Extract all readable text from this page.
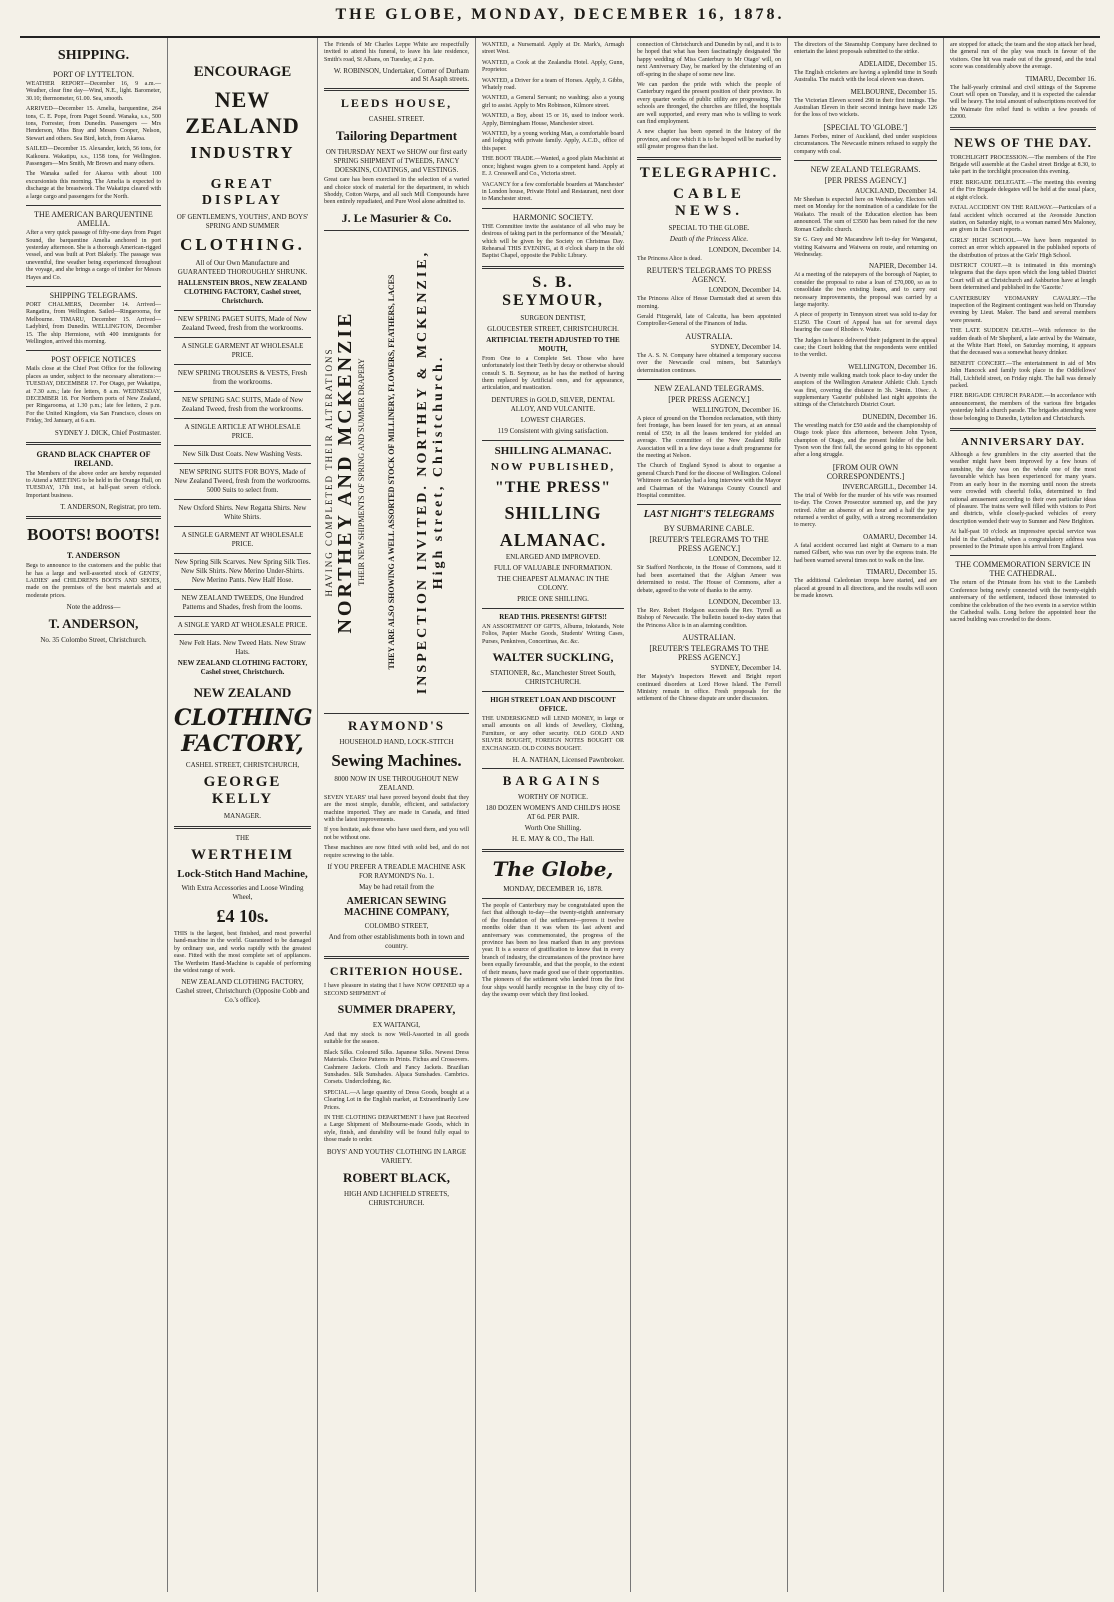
THE GLOBE, MONDAY, DECEMBER 16, 1878.
SHIPPING.
PORT OF LYTTELTON.

WEATHER REPORT—December 16, 9 a.m.—Weather, clear fine day—Wind, N.E., light. Barometer, 30.10; thermometer, 61.00. Sea, smooth.

ARRIVED—December 15. Amelia, barquentine, 264 tons, C. E. Pope, from Puget Sound. Wanaka, s.s., 500 tons, Forrester, from Dunedin. Passengers — Mrs Henderson, Miss Bray and Messrs Cooper, Nelson, Stewart and others. Sea Bird, ketch, from Akaroa.

SAILED—December 15. Alexander, ketch, 56 tons, for Kaikoura. Wakatipu, s.s., 1158 tons, for Wellington. Passengers—Mrs Smith, Mr Brown and many others.

The Wanaka sailed for Akaroa with about 100 excursionists this morning. The Amelia is expected to discharge at the breastwork. The Wakatipu cleared with a large cargo and passengers for the North.

THE AMERICAN BARQUENTINE AMELIA.

After a very quick passage of fifty-one days from Puget Sound, the barquentine Amelia anchored in port yesterday afternoon. She is a thorough American-rigged vessel, and was built at Port Blakely. The passage was uneventful, fine weather being experienced throughout the voyage, and she brings a cargo of timber for Messrs Hayes and Co.

SHIPPING TELEGRAMS.

PORT CHALMERS, December 14. Arrived—Rangatira, from Wellington. Sailed—Ringarooma, for Melbourne. TIMARU, December 15. Arrived—Ladybird, from Dunedin. WELLINGTON, December 15. The ship Hermione, with 400 immigrants for Wellington, arrived this morning.

POST OFFICE NOTICES

Mails close at the Chief Post Office for the following places as under, subject to the necessary alterations:— TUESDAY, DECEMBER 17. For Otago, per Wakatipu, at 7.30 a.m.; late fee letters, 8 a.m. WEDNESDAY, DECEMBER 18. For Northern ports of New Zealand, per Ringarooma, at 1.30 p.m.; late fee letters, 2 p.m. For the United Kingdom, via San Francisco, closes on Friday, 3rd January, at 6 a.m.

SYDNEY J. DICK, Chief Postmaster.
GRAND BLACK CHAPTER OF IRELAND.

The Members of the above order are hereby requested to Attend a MEETING to be held in the Orange Hall, on TUESDAY, 17th inst., at half-past seven o'clock. Important business.

T. ANDERSON, Registrar, pro tem.
BOOTS! BOOTS!
T. ANDERSON

Begs to announce to the customers and the public that he has a large and well-assorted stock of GENTS', LADIES' and CHILDREN'S BOOTS AND SHOES, made on the premises of the best materials and at moderate prices.

Note the address—
T. ANDERSON,
No. 35 Colombo Street, Christchurch.
ENCOURAGE
NEW ZEALAND
INDUSTRY
GREAT DISPLAY
OF GENTLEMEN'S, YOUTHS', AND BOYS' SPRING AND SUMMER
CLOTHING.
All of Our Own Manufacture and GUARANTEED THOROUGHLY SHRUNK.
HALLENSTEIN BROS., NEW ZEALAND CLOTHING FACTORY, Cashel street, Christchurch.
NEW SPRING PAGET SUITS, Made of New Zealand Tweed, fresh from the workrooms.
A SINGLE GARMENT AT WHOLESALE PRICE.
NEW SPRING TROUSERS & VESTS, Fresh from the workrooms.
NEW SPRING SAC SUITS, Made of New Zealand Tweed, fresh from the workrooms.
A SINGLE ARTICLE AT WHOLESALE PRICE.
New Silk Dust Coats. New Washing Vests.
NEW SPRING SUITS FOR BOYS, Made of New Zealand Tweed, fresh from the workrooms. 5000 Suits to select from.
New Oxford Shirts. New Regatta Shirts. New White Shirts.
A SINGLE GARMENT AT WHOLESALE PRICE.
New Spring Silk Scarves. New Spring Silk Ties. New Silk Shirts. New Merino Under-Shirts. New Merino Pants. New Half Hose.
NEW ZEALAND TWEEDS, One Hundred Patterns and Shades, fresh from the looms.
A SINGLE YARD AT WHOLESALE PRICE.
New Felt Hats. New Tweed Hats. New Straw Hats.
NEW ZEALAND CLOTHING FACTORY, Cashel street, Christchurch.
NEW ZEALAND
CLOTHING FACTORY,
CASHEL STREET, CHRISTCHURCH,
GEORGE KELLY
MANAGER.
THE
WERTHEIM
Lock-Stitch Hand Machine,
With Extra Accessories and Loose Winding Wheel,
£4 10s.

THIS is the largest, best finished, and most powerful hand-machine in the world. Guaranteed to be damaged by ordinary use, and works rapidly with the greatest ease. Fitted with the most complete set of appliances. The Wertheim Hand-Machine is capable of performing the widest range of work.

NEW ZEALAND CLOTHING FACTORY, Cashel street, Christchurch (Opposite Cobb and Co.'s office).

The Friends of Mr Charles Leppe White are respectfully invited to attend his funeral, to leave his late residence, Smith's road, St Albans, on Tuesday, at 2 p.m.

W. ROBINSON, Undertaker, Corner of Durham and St Asaph streets.
LEEDS HOUSE,
CASHEL STREET.
Tailoring Department
ON THURSDAY NEXT we SHOW our first early SPRING SHIPMENT of TWEEDS, FANCY DOESKINS, COATINGS, and VESTINGS.

Great care has been exercised in the selection of a varied and choice stock of material for the department, in which Shoddy, Cotton Warps, and all such Mill Compounds have been entirely repudiated, and Pure Wool alone admitted to.

J. Le Masurier & Co.
HAVING COMPLETED THEIR ALTERATIONS NORTHEY AND MCKENZIE THEIR NEW SHIPMENTS OF SPRING AND SUMMER DRAPERY	THEY ARE ALSO SHOWING A WELL ASSORTED STOCK OF MILLINERY, FLOWERS, FEATHERS, LACES INSPECTION INVITED. NORTHEY & MCKENZIE, High street, Christchurch.
RAYMOND'S
HOUSEHOLD HAND, LOCK-STITCH
Sewing Machines.
8000 NOW IN USE THROUGHOUT NEW ZEALAND.

SEVEN YEARS' trial have proved beyond doubt that they are the most simple, durable, efficient, and satisfactory machine imported. They are made in Canada, and fitted with the latest improvements.

If you hesitate, ask those who have used them, and you will not be without one.

These machines are now fitted with solid bed, and do not require screwing to the table.

If YOU PREFER A TREADLE MACHINE ASK FOR RAYMOND'S No. 1.
May be had retail from the
AMERICAN SEWING MACHINE COMPANY,
COLOMBO STREET,
And from other establishments both in town and country.
CRITERION HOUSE.

I have pleasure in stating that I have NOW OPENED up a SECOND SHIPMENT of

SUMMER DRAPERY,
EX WAITANGI,

And that my stock is now Well-Assorted in all goods suitable for the season.

Black Silks. Coloured Silks. Japanese Silks. Newest Dress Materials. Choice Patterns in Prints. Fichus and Crossovers. Cashmere Jackets. Cloth and Fancy Jackets. Brazilian Sunshades. Silk Sunshades. Alpaca Sunshades. Cambrics. Corsets. Underclothing, &c.

SPECIAL.—A large quantity of Dress Goods, bought at a Clearing Lot in the English market, at Extraordinarily Low Prices.

IN THE CLOTHING DEPARTMENT I have just Received a Large Shipment of Melbourne-made Goods, which in style, finish, and durability will be found fully equal to those made to order.

BOYS' AND YOUTHS' CLOTHING IN LARGE VARIETY.
ROBERT BLACK,
HIGH AND LICHFIELD STREETS, CHRISTCHURCH.

WANTED, a Nursemaid. Apply at Dr. Mark's, Armagh street West.

WANTED, a Cook at the Zealandia Hotel. Apply, Gunn, Proprietor.

WANTED, a Driver for a team of Horses. Apply, J. Gibbs, Whately road.

WANTED, a General Servant; no washing; also a young girl to assist. Apply to Mrs Robinson, Kilmore street.

WANTED, a Boy, about 15 or 16, used to indoor work. Apply, Birmingham House, Manchester street.

WANTED, by a young working Man, a comfortable board and lodging with private family. Apply, A.C.D., office of this paper.

THE BOOT TRADE.—Wanted, a good plain Machinist at once; highest wages given to a competent hand. Apply at E. J. Cresswell and Co., Victoria street.

VACANCY for a few comfortable boarders at 'Manchester' in London house, Private Hotel and Restaurant, next door to Manchester street.

HARMONIC SOCIETY.

THE Committee invite the assistance of all who may be desirous of taking part in the performance of the 'Messiah,' which will be given by the Society on Christmas Day. Rehearsal THIS EVENING, at 8 o'clock sharp in the old Baptist Chapel, opposite the Public Library.

S. B. SEYMOUR,
SURGEON DENTIST,
GLOUCESTER STREET, CHRISTCHURCH.
ARTIFICIAL TEETH ADJUSTED TO THE MOUTH,

From One to a Complete Set. Those who have unfortunately lost their Teeth by decay or otherwise should consult S. B. Seymour, as he has the method of having them replaced by Artificial ones, and for appearance, articulation, and mastication.

DENTURES in GOLD, SILVER, DENTAL ALLOY, AND VULCANITE.
LOWEST CHARGES.
119 Consistent with giving satisfaction.
SHILLING ALMANAC.
NOW PUBLISHED,
"THE PRESS"
SHILLING
ALMANAC.
ENLARGED AND IMPROVED.
FULL OF VALUABLE INFORMATION.
THE CHEAPEST ALMANAC IN THE COLONY.
PRICE ONE SHILLING.
READ THIS. PRESENTS! GIFTS!!

AN ASSORTMENT OF GIFTS, Albums, Inkstands, Note Folios, Papier Mache Goods, Students' Writing Cases, Purses, Penknives, Concertinas, &c. &c.

WALTER SUCKLING,
STATIONER, &c., Manchester Street South, CHRISTCHURCH.
HIGH STREET LOAN AND DISCOUNT OFFICE.

THE UNDERSIGNED will LEND MONEY, in large or small amounts on all kinds of Jewellery, Clothing, Furniture, or any other security. OLD GOLD AND SILVER BOUGHT, FOREIGN NOTES BOUGHT OR EXCHANGED. OLD COINS BOUGHT.

H. A. NATHAN, Licensed Pawnbroker.
BARGAINS
WORTHY OF NOTICE.
180 DOZEN WOMEN'S AND CHILD'S HOSE AT 6d. PER PAIR.
Worth One Shilling.
H. E. MAY & CO., The Hall.
The Globe,
MONDAY, DECEMBER 16, 1878.

The people of Canterbury may be congratulated upon the fact that although to-day—the twenty-eighth anniversary of the foundation of the settlement—proves it twelve months older than it was when its last advent and anniversary was commemorated, the progress of the province has been no less marked than in any previous year. It is a source of gratification to know that in every branch of industry, the circumstances of the province have been equally favourable, and that the people, to the extent of their means, have made good use of their opportunities. The pioneers of the settlement who landed from the first four ships would hardly recognise in the busy city of to-day the swamp over which they first looked.

connection of Christchurch and Dunedin by rail, and it is to be hoped that what has been fascinatingly designated 'the happy wedding of Miss Canterbury to Mr Otago' will, on next Anniversary Day, be marked by the christening of an off-spring in the shape of some new line.

We can pardon the pride with which the people of Canterbury regard the present position of their province. In every quarter works of public utility are progressing. The schools are thronged, the churches are filled, the hospitals are well supported, and every man who is willing to work can find employment.

A new chapter has been opened in the history of the province, and one which it is to be hoped will be marked by still greater progress than the last.

TELEGRAPHIC.
CABLE NEWS.
SPECIAL TO THE GLOBE.
Death of the Princess Alice.
LONDON, December 14.

The Princess Alice is dead.

REUTER'S TELEGRAMS TO PRESS AGENCY.
LONDON, December 14.

The Princess Alice of Hesse Darmstadt died at seven this morning.

Gerald Fitzgerald, late of Calcutta, has been appointed Comptroller-General of the Finances of India.

AUSTRALIA.
SYDNEY, December 14.

The A. S. N. Company have obtained a temporary success over the Newcastle coal miners, but Saturday's determination continues.

NEW ZEALAND TELEGRAMS.
[PER PRESS AGENCY.]
WELLINGTON, December 16.

A piece of ground on the Thorndon reclamation, with thirty feet frontage, has been leased for ten years, at an annual rental of £50; in all the leases tendered for yielded an average. The committee of the New Zealand Rifle Association will in a few days issue a draft programme for the meeting at Nelson.

The Church of England Synod is about to organise a general Church Fund for the diocese of Wellington. Colonel Whitmore on Saturday had a long interview with the Mayor and Chairman of the Wairarapa County Council and Hospital committee.

LAST NIGHT'S TELEGRAMS
BY SUBMARINE CABLE.
[REUTER'S TELEGRAMS TO THE PRESS AGENCY.]
LONDON, December 12.

Sir Stafford Northcote, in the House of Commons, said it had been ascertained that the Afghan Ameer was determined to resist. The House of Commons, after a debate, agreed to the vote of thanks to the army.

LONDON, December 13.

The Rev. Robert Hodgson succeeds the Rev. Tyrrell as Bishop of Newcastle. The bulletin issued to-day states that the Princess Alice is in an alarming condition.

AUSTRALIAN.
[REUTER'S TELEGRAMS TO THE PRESS AGENCY.]
SYDNEY, December 14.

Her Majesty's Inspectors Hewett and Bright report continued disorders at Lord Howe Island. The Ferrell Ministry remain in office. Fresh proposals for the settlement of the Chinese dispute are under discussion.

The directors of the Steamship Company have declined to entertain the latest proposals submitted to the strike.

ADELAIDE, December 15.

The English cricketers are having a splendid time in South Australia. The match with the local eleven was drawn.

MELBOURNE, December 15.

The Victorian Eleven scored 298 in their first innings. The Australian Eleven in their second innings have made 126 for the loss of two wickets.

[SPECIAL TO 'GLOBE.']

James Forbes, miner of Auckland, died under suspicious circumstances. The Newcastle miners refused to supply the company with coal.

NEW ZEALAND TELEGRAMS.
[PER PRESS AGENCY.]
AUCKLAND, December 14.

Mr Sheehan is expected here on Wednesday. Electors will meet on Monday for the nomination of a candidate for the Waikato. The result of the Education election has been announced. The sum of £3500 has been raised for the new Roman Catholic church.

Sir G. Grey and Mr Macandrew left to-day for Wanganui, visiting Kaiwarra and Waiwera on route, and returning on Wednesday.

NAPIER, December 14.

At a meeting of the ratepayers of the borough of Napier, to consider the proposal to raise a loan of £70,000, so as to consolidate the two existing loans, and to carry out necessary improvements, the proposal was carried by a large majority.

A piece of property in Tennyson street was sold to-day for £1250. The Court of Appeal has sat for several days hearing the case of Rhodes v. Waite.

The Judges in banco delivered their judgment in the appeal case; the Court holding that the respondents were entitled to the verdict.

WELLINGTON, December 16.

A twenty mile walking match took place to-day under the auspices of the Wellington Amateur Athletic Club. Lynch was first, covering the distance in 3h. 34min. 10sec. A supplementary 'Gazette' published last night appoints the sittings of the Christchurch District Court.

DUNEDIN, December 16.

The wrestling match for £50 aside and the championship of Otago took place this afternoon, between John Tyson, champion of Otago, and the present holder of the belt. Tyson won the first fall, the second going to his opponent after a long struggle.

[FROM OUR OWN CORRESPONDENTS.]
INVERCARGILL, December 14.

The trial of Webb for the murder of his wife was resumed to-day. The Crown Prosecutor summed up, and the jury retired. After an absence of an hour and a half the jury returned a verdict of guilty, with a strong recommendation to mercy.

OAMARU, December 14.

A fatal accident occurred last night at Oamaru to a man named Gilbert, who was run over by the express train. He had been warned several times not to walk on the line.

TIMARU, December 15.

The additional Caledonian troops have started, and are placed at ground in all directions, and the results will soon be made known.

are stopped for attack; the team and the stop attack her head, the general run of the play was much in favour of the visitors. One hit was made out of the ground, and the total score was considerably above the average.

TIMARU, December 16.

The half-yearly criminal and civil sittings of the Supreme Court will open on Tuesday, and it is expected the calendar will be heavy. The total amount of subscriptions received for the Waimate fire relief fund is within a few pounds of £2000.

NEWS OF THE DAY.

TORCHLIGHT PROCESSION.—The members of the Fire Brigade will assemble at the Cashel street Bridge at 8.30, to take part in the torchlight procession this evening.

FIRE BRIGADE DELEGATE.—The meeting this evening of the Fire Brigade delegates will be held at the usual place, at eight o'clock.

FATAL ACCIDENT ON THE RAILWAY.—Particulars of a fatal accident which occurred at the Avonside Junction station, on Saturday night, to a woman named Mrs Maloney, are given in the Court reports.

GIRLS' HIGH SCHOOL.—We have been requested to correct an error which appeared in the published reports of the distribution of prizes at the Girls' High School.

DISTRICT COURT.—It is intimated in this morning's telegrams that the days upon which the long tabled District Court will sit at Christchurch and Ashburton have at length been determined and published in the 'Gazette.'

CANTERBURY YEOMANRY CAVALRY.—The inspection of the Regiment contingent was held on Thursday evening by Lieut. Maker. The band and several members were present.

THE LATE SUDDEN DEATH.—With reference to the sudden death of Mr Shepherd, a late arrival by the Waimate, at the White Hart Hotel, on Saturday morning, it appears that the deceased was a somewhat heavy drinker.

BENEFIT CONCERT.—The entertainment in aid of Mrs John Hancock and family took place in the Oddfellows' Hall, Lichfield street, on Friday night. The hall was densely packed.

FIRE BRIGADE CHURCH PARADE.—In accordance with announcement, the members of the various fire brigades yesterday held a church parade. The brigades attending were those belonging to Dunedin, Lyttelton and Christchurch.

ANNIVERSARY DAY.

Although a few grumblers in the city asserted that the weather might have been improved by a few hours of sunshine, the day was on the whole one of the most favourable which has been experienced for many years. From an early hour in the morning until noon the streets were crowded with cheerful folks, determined to find rational amusement according to their own particular ideas of pleasure. The trains were well filled with visitors to Port and districts, while closely-packed vehicles of every description wended their way to Sumner and New Brighton.

At half-past 10 o'clock an impressive special service was held in the Cathedral, when a congratulatory address was presented to the Primate upon his arrival from England.

THE COMMEMORATION SERVICE IN THE CATHEDRAL.

The return of the Primate from his visit to the Lambeth Conference being newly connected with the twenty-eighth anniversary of the settlement, induced those interested to combine the celebration of the two events in a service within the Cathedral walls. Long before the appointed hour the sacred building was crowded to the doors.
